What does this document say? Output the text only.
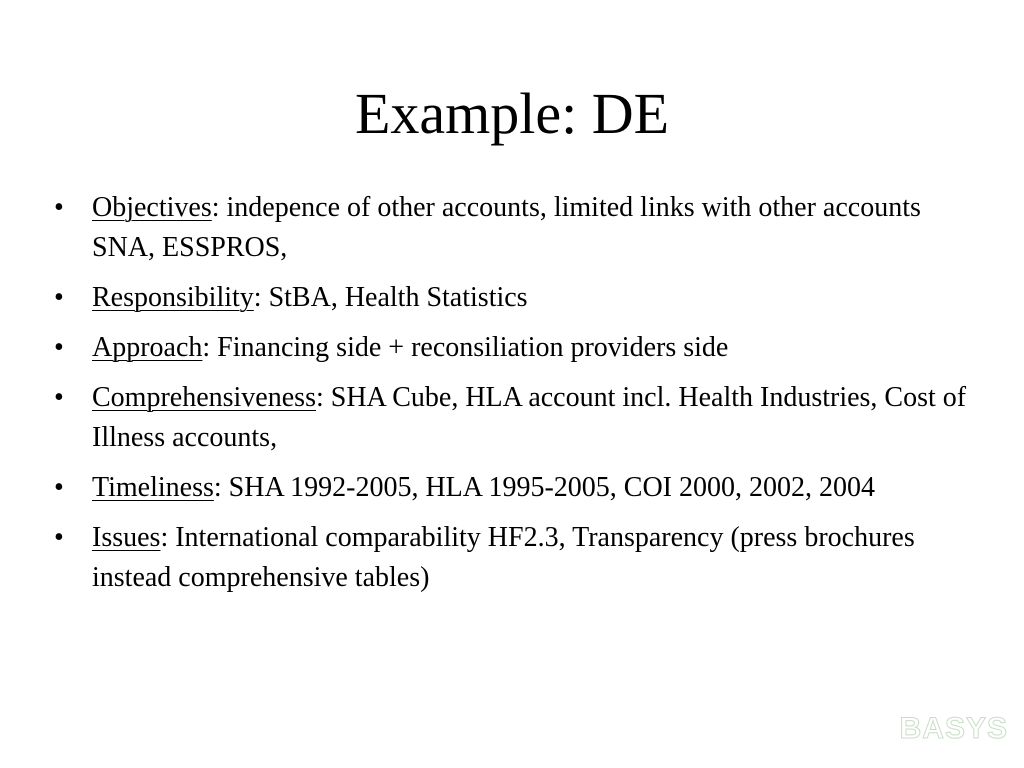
Example: DE
• Objectives: indepence of other accounts, limited links with other accounts SNA, ESSPROS,
• Responsibility: StBA, Health Statistics
• Approach: Financing side + reconsiliation providers side
• Comprehensiveness: SHA Cube, HLA account incl. Health Industries, Cost of Illness accounts,
• Timeliness: SHA 1992-2005, HLA 1995-2005, COI 2000, 2002, 2004
• Issues: International comparability HF2.3, Transparency (press brochures instead comprehensive tables)
BASYS
